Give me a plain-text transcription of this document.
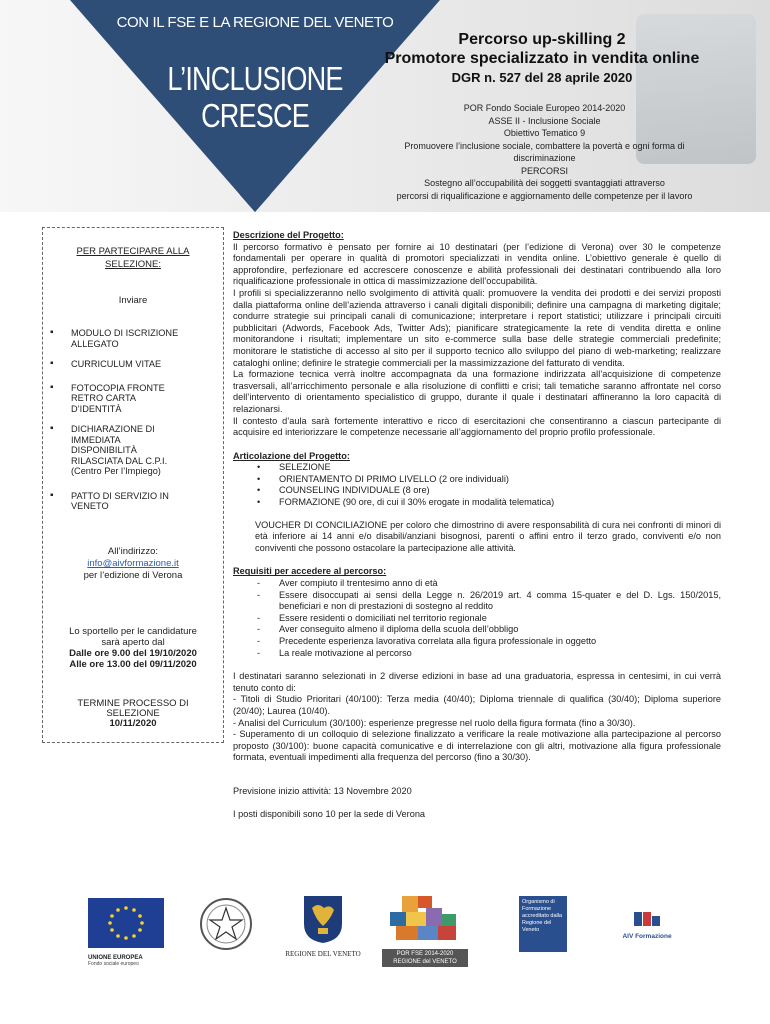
CON IL FSE E LA REGIONE DEL VENETO
L’INCLUSIONE
CRESCE
Percorso up-skilling 2
Promotore specializzato in vendita online
DGR n. 527 del 28 aprile 2020
POR Fondo Sociale Europeo 2014-2020
ASSE II - Inclusione Sociale
Obiettivo Tematico 9
Promuovere l’inclusione sociale, combattere la povertà e ogni forma di
discriminazione
PERCORSI
Sostegno all’occupabilità dei soggetti svantaggiati attraverso
percorsi di riqualificazione e aggiornamento delle competenze per il lavoro
PER PARTECIPARE ALLA
SELEZIONE:
Inviare
▪ MODULO DI ISCRIZIONE ALLEGATO
▪ CURRICULUM VITAE
▪ FOTOCOPIA FRONTE RETRO CARTA D’IDENTITÀ
▪ DICHIARAZIONE DI IMMEDIATA DISPONIBILITÀ RILASCIATA DAL C.P.I. (Centro Per l’Impiego)
▪ PATTO DI SERVIZIO IN VENETO
All’indirizzo:
info@aivformazione.it
per l’edizione di Verona
Lo sportello per le candidature
sarà aperto dal
Dalle ore 9.00 del 19/10/2020
Alle ore 13.00 del 09/11/2020
TERMINE PROCESSO DI
SELEZIONE
10/11/2020
Descrizione del Progetto:

Il percorso formativo è pensato per fornire ai 10 destinatari (per l’edizione di Verona) over 30 le competenze fondamentali per operare in qualità di promotori specializzati in vendita online. L’obiettivo generale è quello di approfondire, perfezionare ed accrescere conoscenze e abilità professionali dei destinatari contribuendo alla loro riqualificazione professionale in ottica di massimizzazione dell’occupabilità.

I profili si specializzeranno nello svolgimento di attività quali: promuovere la vendita dei prodotti e dei servizi proposti dalla piattaforma online dell’azienda attraverso i canali digitali disponibili; definire una campagna di marketing digitale; condurre strategie sui principali canali di comunicazione; interpretare i report statistici; utilizzare i principali circuiti pubblicitari (Adwords, Facebook Ads, Twitter Ads); pianificare strategicamente la rete di vendita diretta e online monitorandone i risultati; implementare un sito e-commerce sulla base delle strategie commerciali predefinite; monitorare le statistiche di accesso al sito per il supporto tecnico allo sviluppo del piano di web-marketing; realizzare cataloghi online; definire le strategie commerciali per la massimizzazione del fatturato di vendita.

La formazione tecnica verrà inoltre accompagnata da una formazione indirizzata all’acquisizione di competenze trasversali, all’arricchimento personale e alla risoluzione di conflitti e crisi; tali tematiche saranno affrontate nel corso dell’intervento di orientamento specialistico di gruppo, durante il quale i destinatari affineranno la loro capacità di relazionarsi.

Il contesto d’aula sarà fortemente interattivo e ricco di esercitazioni che consentiranno a ciascun partecipante di acquisire ed interiorizzare le competenze necessarie all’aggiornamento del proprio profilo professionale.

Articolazione del Progetto:
• SELEZIONE
• ORIENTAMENTO DI PRIMO LIVELLO (2 ore individuali)
• COUNSELING INDIVIDUALE (8 ore)
• FORMAZIONE (90 ore, di cui il 30% erogate in modalità telematica)

VOUCHER DI CONCILIAZIONE per coloro che dimostrino di avere responsabilità di cura nei confronti di minori di età inferiore ai 14 anni e/o disabili/anziani bisognosi, parenti o affini entro il terzo grado, conviventi e/o non conviventi che possono ostacolare la partecipazione alle attività.

Requisiti per accedere al percorso:
- Aver compiuto il trentesimo anno di età
- Essere disoccupati ai sensi della Legge n. 26/2019 art. 4 comma 15-quater e del D. Lgs. 150/2015, beneficiari e non di prestazioni di sostegno al reddito
- Essere residenti o domiciliati nel territorio regionale
- Aver conseguito almeno il diploma della scuola dell’obbligo
- Precedente esperienza lavorativa correlata alla figura professionale in oggetto
- La reale motivazione al percorso

I destinatari saranno selezionati in 2 diverse edizioni in base ad una graduatoria, espressa in centesimi, in cui verrà tenuto conto di:

- Titoli di Studio Prioritari (40/100): Terza media (40/40); Diploma triennale di qualifica (30/40); Diploma superiore (20/40); Laurea (10/40).

- Analisi del Curriculum (30/100): esperienze pregresse nel ruolo della figura formata (fino a 30/30).

- Superamento di un colloquio di selezione finalizzato a verificare la reale motivazione alla partecipazione al percorso proposto (30/100): buone capacità comunicative e di interrelazione con gli altri, motivazione alla figura professionale formata, eventuali impedimenti alla frequenza del percorso (fino a 30/30).

Previsione inizio attività: 13 Novembre 2020

I posti disponibili sono 10 per la sede di Verona

UNIONE EUROPEA
Fondo sociale europeo
REGIONE DEL VENETO	POR FSE 2014-2020
REGIONE del VENETO
Organismo di Formazione accreditato dalla Regione del Veneto
AIV Formazione
